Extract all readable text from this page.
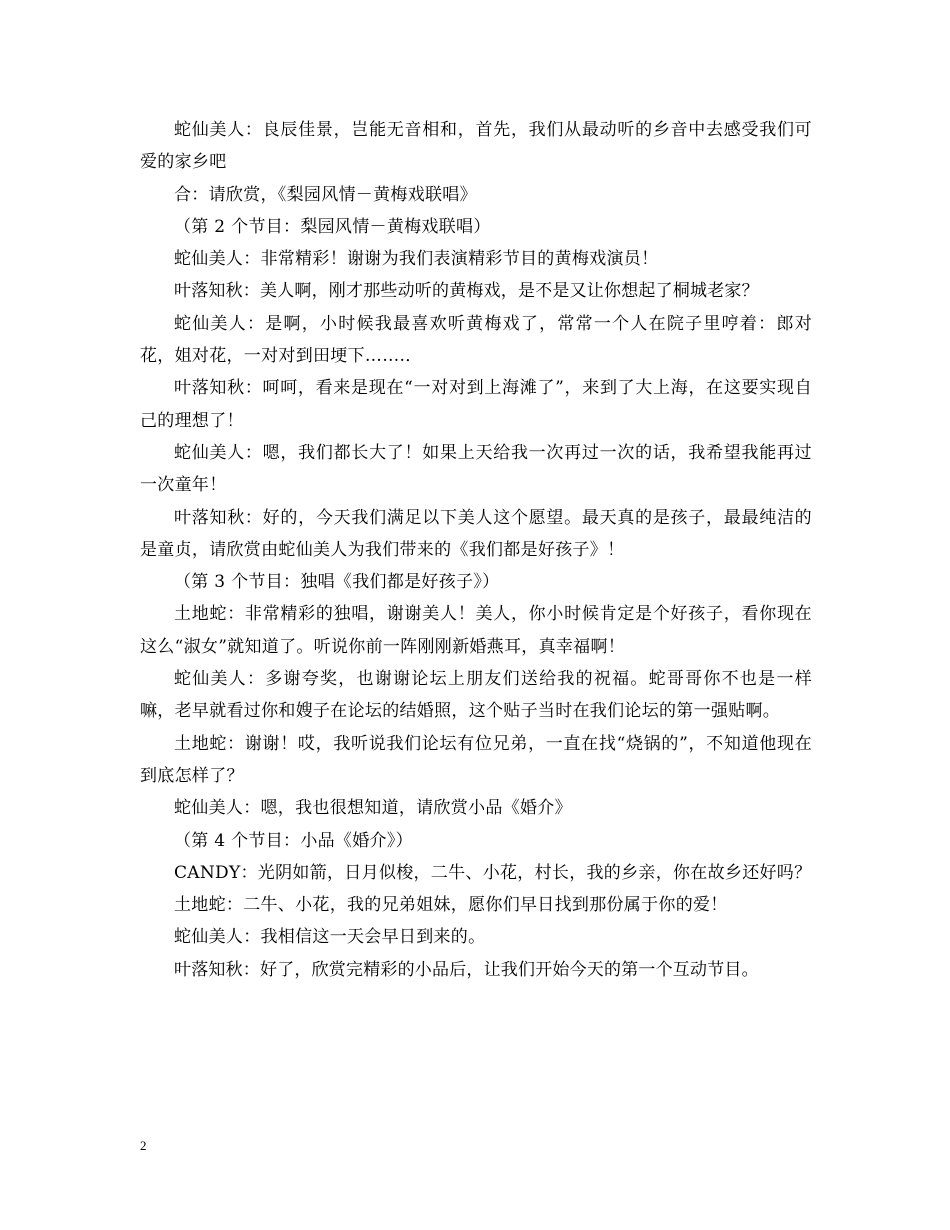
蛇仙美人：良辰佳景，岂能无音相和，首先，我们从最动听的乡音中去感受我们可爱的家乡吧

合：请欣赏，《梨园风情－黄梅戏联唱》

（第 2 个节目：梨园风情－黄梅戏联唱）

蛇仙美人：非常精彩！谢谢为我们表演精彩节目的黄梅戏演员！

叶落知秋：美人啊，刚才那些动听的黄梅戏，是不是又让你想起了桐城老家？

蛇仙美人：是啊，小时候我最喜欢听黄梅戏了，常常一个人在院子里哼着：郎对花，姐对花，一对对到田埂下…….．

叶落知秋：呵呵，看来是现在“一对对到上海滩了”，来到了大上海，在这要实现自己的理想了！

蛇仙美人：嗯，我们都长大了！如果上天给我一次再过一次的话，我希望我能再过一次童年！

叶落知秋：好的，今天我们满足以下美人这个愿望。最天真的是孩子，最最纯洁的是童贞，请欣赏由蛇仙美人为我们带来的《我们都是好孩子》！

（第 3 个节目：独唱《我们都是好孩子》）

土地蛇：非常精彩的独唱，谢谢美人！美人，你小时候肯定是个好孩子，看你现在这么“淑女”就知道了。听说你前一阵刚刚新婚燕耳，真幸福啊！

蛇仙美人：多谢夸奖，也谢谢论坛上朋友们送给我的祝福。蛇哥哥你不也是一样嘛，老早就看过你和嫂子在论坛的结婚照，这个贴子当时在我们论坛的第一强贴啊。

土地蛇：谢谢！哎，我听说我们论坛有位兄弟，一直在找“烧锅的”，不知道他现在到底怎样了？

蛇仙美人：嗯，我也很想知道，请欣赏小品《婚介》

（第 4 个节目：小品《婚介》）

CANDY：光阴如箭，日月似梭，二牛、小花，村长，我的乡亲，你在故乡还好吗？

土地蛇：二牛、小花，我的兄弟姐妹，愿你们早日找到那份属于你的爱！

蛇仙美人：我相信这一天会早日到来的。

叶落知秋：好了，欣赏完精彩的小品后，让我们开始今天的第一个互动节目。

2
